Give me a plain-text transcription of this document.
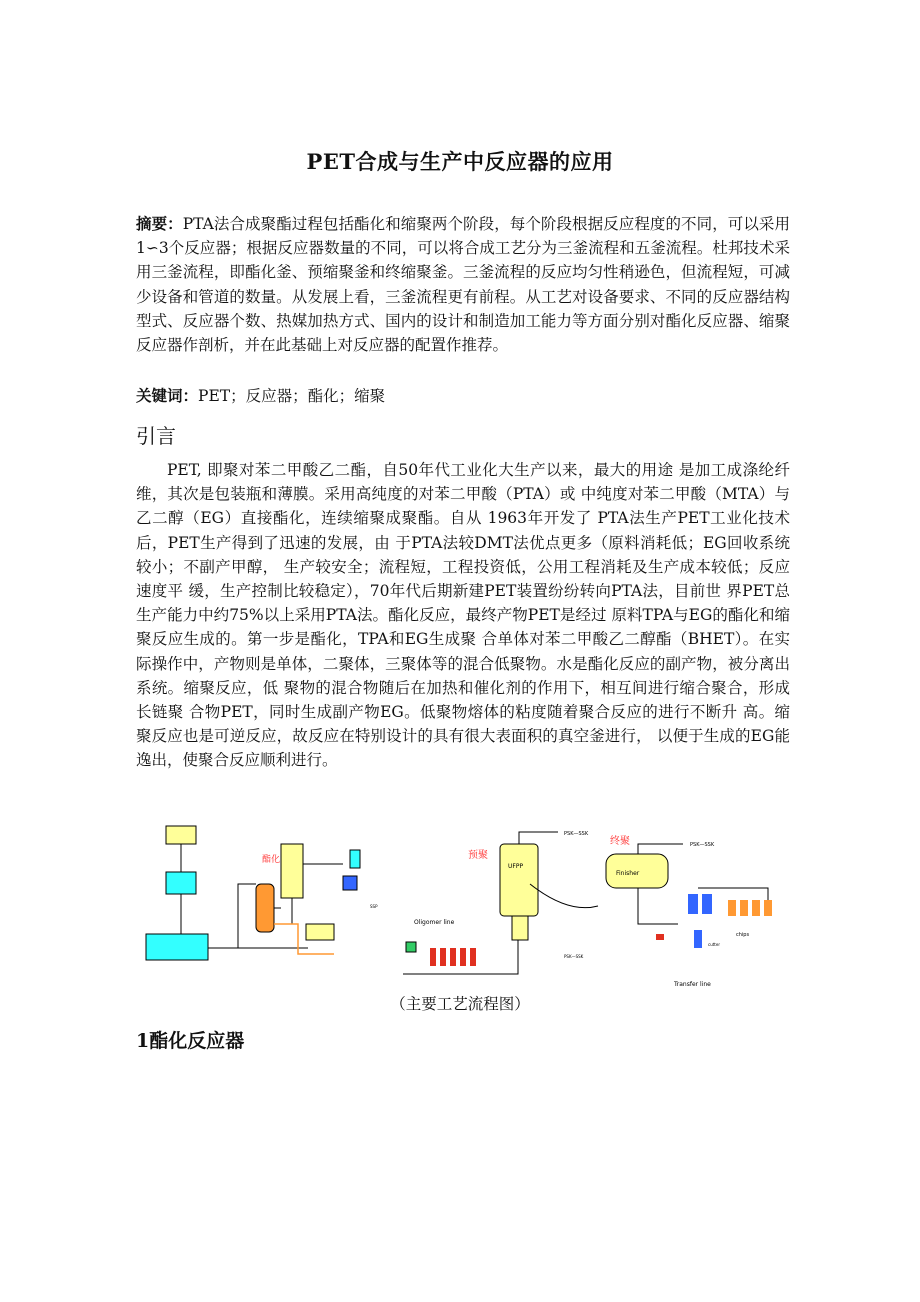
PET合成与生产中反应器的应用

摘要：PTA法合成聚酯过程包括酯化和缩聚两个阶段，每个阶段根据反应程度的不同，可以采用1∽3个反应器；根据反应器数量的不同，可以将合成工艺分为三釜流程和五釜流程。杜邦技术采用三釜流程，即酯化釜、预缩聚釜和终缩聚釜。三釜流程的反应均匀性稍逊色，但流程短，可减少设备和管道的数量。从发展上看，三釜流程更有前程。从工艺对设备要求、不同的反应器结构型式、反应器个数、热媒加热方式、国内的设计和制造加工能力等方面分别对酯化反应器、缩聚反应器作剖析，并在此基础上对反应器的配置作推荐。

关键词：PET；反应器；酯化；缩聚

引言

PET, 即聚对苯二甲酸乙二酯，自50年代工业化大生产以来，最大的用途 是加工成涤纶纤维，其次是包装瓶和薄膜。采用高纯度的对苯二甲酸（PTA）或 中纯度对苯二甲酸（MTA）与乙二醇（EG）直接酯化，连续缩聚成聚酯。自从 1963年开发了 PTA法生产PET工业化技术后，PET生产得到了迅速的发展，由 于PTA法较DMT法优点更多（原料消耗低；EG回收系统较小；不副产甲醇， 生产较安全；流程短，工程投资低，公用工程消耗及生产成本较低；反应速度平 缓，生产控制比较稳定），70年代后期新建PET装置纷纷转向PTA法，目前世 界PET总生产能力中约75%以上采用PTA法。酯化反应，最终产物PET是经过 原料TPA与EG的酯化和缩聚反应生成的。第一步是酯化，TPA和EG生成聚 合单体对苯二甲酸乙二醇酯（BHET）。在实际操作中，产物则是单体，二聚体，三聚体等的混合低聚物。水是酯化反应的副产物，被分离出系统。缩聚反应，低 聚物的混合物随后在加热和催化剂的作用下，相互间进行缩合聚合，形成长链聚 合物PET，同时生成副产物EG。低聚物熔体的粘度随着聚合反应的进行不断升 高。缩聚反应也是可逆反应，故反应在特别设计的具有很大表面积的真空釜进行， 以便于生成的EG能逸出，使聚合反应顺利进行。

酯化
SSP
预聚
UFPP
PSK—SSK
Oligomer line
终聚
Finisher
PSK—SSK
PSK—SSK
chips
cutter
Transfer line

（主要工艺流程图）

1酯化反应器
